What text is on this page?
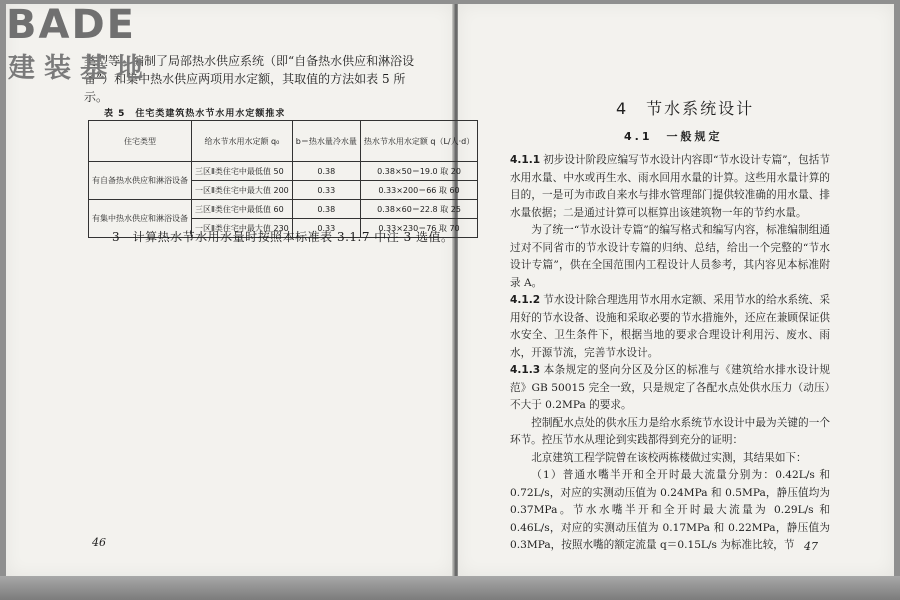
类型等，编制了局部热水供应系统（即“自备热水供应和淋浴设备”）和集中热水供应两项用水定额，其取值的方法如表 5 所示。

表 5　住宅类建筑热水节水用水定额推求
住宅类型	给水节水用水定额 q₀	b＝热水量冷水量	热水节水用水定额 q（L/人·d）
有自备热水供应和淋浴设备	三区Ⅱ类住宅中最低值 50	0.38	0.38×50＝19.0 取 20
	一区Ⅱ类住宅中最大值 200	0.33	0.33×200＝66 取 60
有集中热水供应和淋浴设备	三区Ⅱ类住宅中最低值 60	0.38	0.38×60＝22.8 取 25
	一区Ⅱ类住宅中最大值 230	0.33	0.33×230＝76 取 70
3　计算热水节水用水量时按照本标准表 3.1.7 中注 3 选值。
46
4　节水系统设计
4.1　一般规定

4.1.1 初步设计阶段应编写节水设计内容即“节水设计专篇”，包括节水用水量、中水或再生水、雨水回用水量的计算。这些用水量计算的目的，一是可为市政自来水与排水管理部门提供较准确的用水量、排水量依据；二是通过计算可以框算出该建筑物一年的节约水量。

为了统一“节水设计专篇”的编写格式和编写内容，标准编制组通过对不同省市的节水设计专篇的归纳、总结，给出一个完整的“节水设计专篇”，供在全国范围内工程设计人员参考，其内容见本标准附录 A。

4.1.2 节水设计除合理选用节水用水定额、采用节水的给水系统、采用好的节水设备、设施和采取必要的节水措施外，还应在兼顾保证供水安全、卫生条件下，根据当地的要求合理设计利用污、废水、雨水，开源节流，完善节水设计。

4.1.3 本条规定的竖向分区及分区的标准与《建筑给水排水设计规范》GB 50015 完全一致，只是规定了各配水点处供水压力（动压）不大于 0.2MPa 的要求。

控制配水点处的供水压力是给水系统节水设计中最为关键的一个环节。控压节水从理论到实践都得到充分的证明：

北京建筑工程学院曾在该校两栋楼做过实测，其结果如下：

（1）普通水嘴半开和全开时最大流量分别为：0.42L/s 和 0.72L/s，对应的实测动压值为 0.24MPa 和 0.5MPa，静压值均为 0.37MPa。节水水嘴半开和全开时最大流量为 0.29L/s 和 0.46L/s，对应的实测动压值为 0.17MPa 和 0.22MPa，静压值为 0.3MPa，按照水嘴的额定流量 q＝0.15L/s 为标准比较，节 47
BADE
建装基地
